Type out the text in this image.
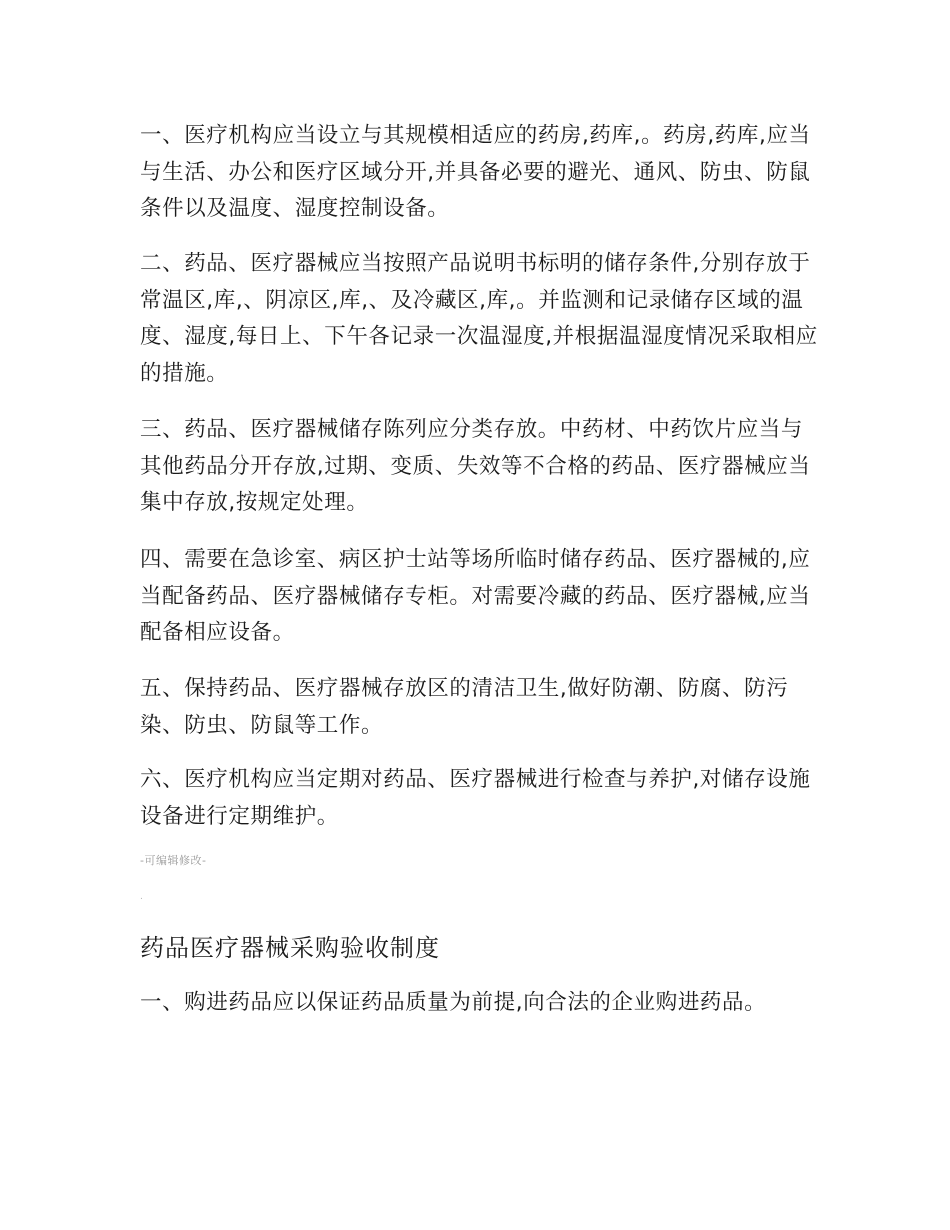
一、医疗机构应当设立与其规模相适应的药房,药库,。药房,药库,应当与生活、办公和医疗区域分开,并具备必要的避光、通风、防虫、防鼠条件以及温度、湿度控制设备。

二、药品、医疗器械应当按照产品说明书标明的储存条件,分别存放于常温区,库,、阴凉区,库,、及冷藏区,库,。并监测和记录储存区域的温度、湿度,每日上、下午各记录一次温湿度,并根据温湿度情况采取相应的措施。

三、药品、医疗器械储存陈列应分类存放。中药材、中药饮片应当与其他药品分开存放,过期、变质、失效等不合格的药品、医疗器械应当集中存放,按规定处理。

四、需要在急诊室、病区护士站等场所临时储存药品、医疗器械的,应当配备药品、医疗器械储存专柜。对需要冷藏的药品、医疗器械,应当配备相应设备。

五、保持药品、医疗器械存放区的清洁卫生,做好防潮、防腐、防污染、防虫、防鼠等工作。

六、医疗机构应当定期对药品、医疗器械进行检查与养护,对储存设施设备进行定期维护。

-可编辑修改-
.
药品医疗器械采购验收制度

一、购进药品应以保证药品质量为前提,向合法的企业购进药品。
